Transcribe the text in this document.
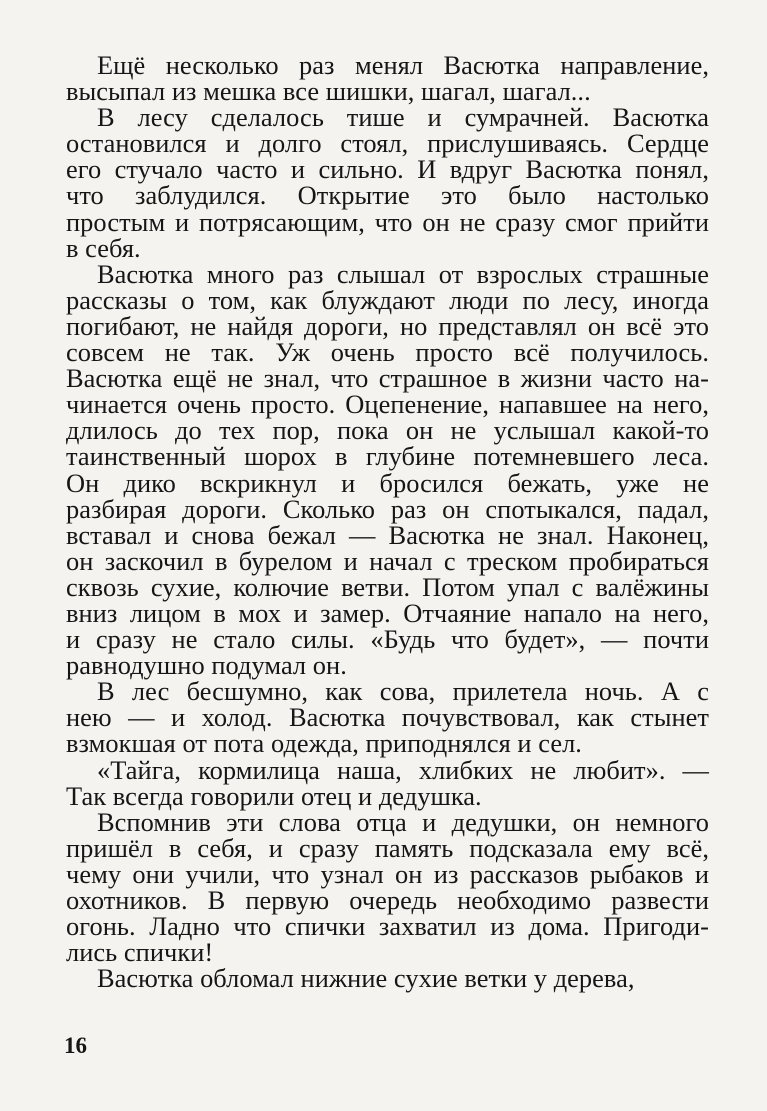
Ещё несколько раз менял Васютка направление,
высыпал из мешка все шишки, шагал, шагал...
В лесу сделалось тише и сумрачней. Васютка
остановился и долго стоял, прислушиваясь. Сердце
его стучало часто и сильно. И вдруг Васютка понял,
что заблудился. Открытие это было настолько
простым и потрясающим, что он не сразу смог прийти
в себя.
Васютка много раз слышал от взрослых страшные
рассказы о том, как блуждают люди по лесу, иногда
погибают, не найдя дороги, но представлял он всё это
совсем не так. Уж очень просто всё получилось.
Васютка ещё не знал, что страшное в жизни часто на-
чинается очень просто. Оцепенение, напавшее на него,
длилось до тех пор, пока он не услышал какой-то
таинственный шорох в глубине потемневшего леса.
Он дико вскрикнул и бросился бежать, уже не
разбирая дороги. Сколько раз он спотыкался, падал,
вставал и снова бежал — Васютка не знал. Наконец,
он заскочил в бурелом и начал с треском пробираться
сквозь сухие, колючие ветви. Потом упал с валёжины
вниз лицом в мох и замер. Отчаяние напало на него,
и сразу не стало силы. «Будь что будет», — почти
равнодушно подумал он.
В лес бесшумно, как сова, прилетела ночь. А с
нею — и холод. Васютка почувствовал, как стынет
взмокшая от пота одежда, приподнялся и сел.
«Тайга, кормилица наша, хлибких не любит». —
Так всегда говорили отец и дедушка.
Вспомнив эти слова отца и дедушки, он немного
пришёл в себя, и сразу память подсказала ему всё,
чему они учили, что узнал он из рассказов рыбаков и
охотников. В первую очередь необходимо развести
огонь. Ладно что спички захватил из дома. Пригоди-
лись спички!
Васютка обломал нижние сухие ветки у дерева,
16
